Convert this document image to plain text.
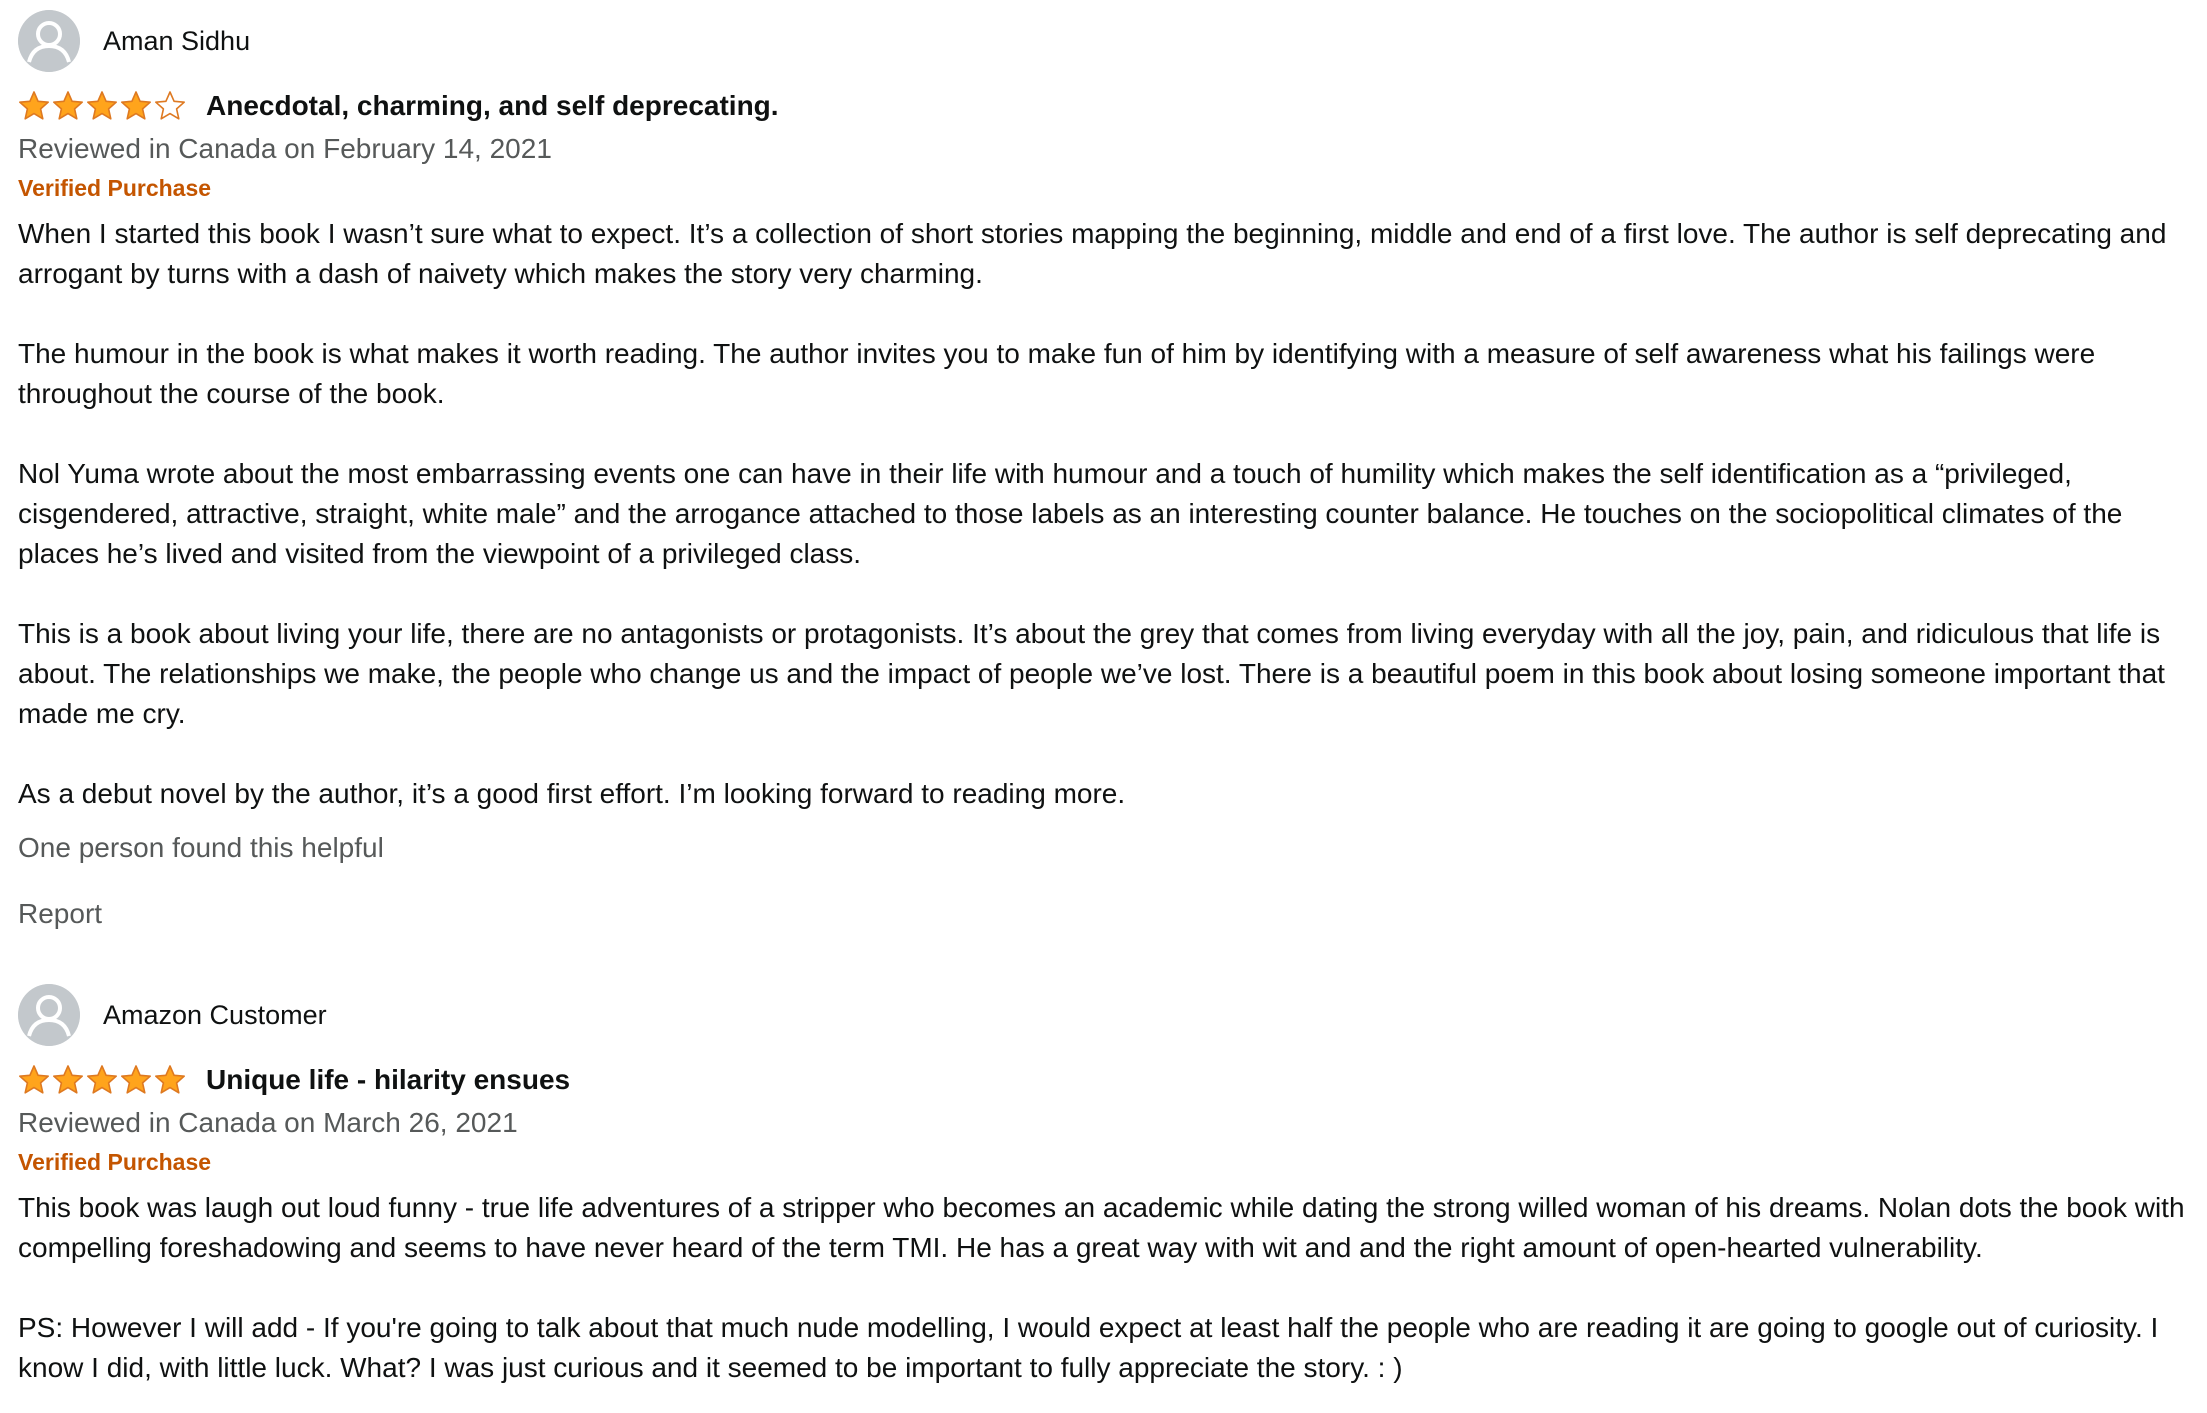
Aman Sidhu
Anecdotal, charming, and self deprecating.
Reviewed in Canada on February 14, 2021
Verified Purchase

When I started this book I wasn’t sure what to expect. It’s a collection of short stories mapping the beginning, middle and end of a first love. The author is self deprecating and arrogant by turns with a dash of naivety which makes the story very charming.

The humour in the book is what makes it worth reading. The author invites you to make fun of him by identifying with a measure of self awareness what his failings were throughout the course of the book.

Nol Yuma wrote about the most embarrassing events one can have in their life with humour and a touch of humility which makes the self identification as a “privileged, cisgendered, attractive, straight, white male” and the arrogance attached to those labels as an interesting counter balance. He touches on the sociopolitical climates of the places he’s lived and visited from the viewpoint of a privileged class.

This is a book about living your life, there are no antagonists or protagonists. It’s about the grey that comes from living everyday with all the joy, pain, and ridiculous that life is about. The relationships we make, the people who change us and the impact of people we’ve lost. There is a beautiful poem in this book about losing someone important that made me cry.

As a debut novel by the author, it’s a good first effort. I’m looking forward to reading more.

One person found this helpful
Report
Amazon Customer
Unique life - hilarity ensues
Reviewed in Canada on March 26, 2021
Verified Purchase

This book was laugh out loud funny - true life adventures of a stripper who becomes an academic while dating the strong willed woman of his dreams. Nolan dots the book with compelling foreshadowing and seems to have never heard of the term TMI. He has a great way with wit and and the right amount of open-hearted vulnerability.

PS: However I will add - If you're going to talk about that much nude modelling, I would expect at least half the people who are reading it are going to google out of curiosity. I know I did, with little luck. What? I was just curious and it seemed to be important to fully appreciate the story. : )
